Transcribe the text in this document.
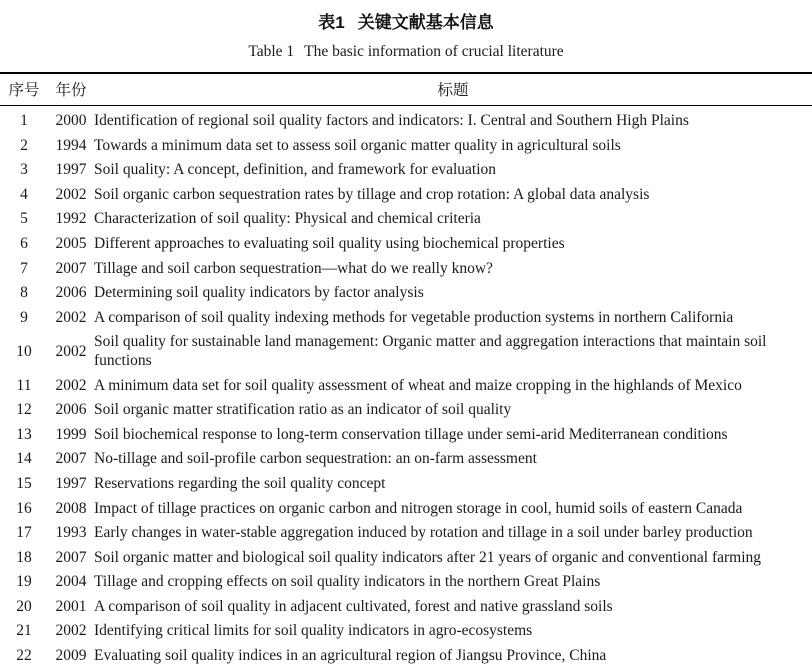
表1 关键文献基本信息
Table 1 The basic information of crucial literature
序号	年份	标题
1	2000	Identification of regional soil quality factors and indicators: I. Central and Southern High Plains
2	1994	Towards a minimum data set to assess soil organic matter quality in agricultural soils
3	1997	Soil quality: A concept, definition, and framework for evaluation
4	2002	Soil organic carbon sequestration rates by tillage and crop rotation: A global data analysis
5	1992	Characterization of soil quality: Physical and chemical criteria
6	2005	Different approaches to evaluating soil quality using biochemical properties
7	2007	Tillage and soil carbon sequestration—what do we really know?
8	2006	Determining soil quality indicators by factor analysis
9	2002	A comparison of soil quality indexing methods for vegetable production systems in northern California
10	2002	Soil quality for sustainable land management: Organic matter and aggregation interactions that maintain soil functions
11	2002	A minimum data set for soil quality assessment of wheat and maize cropping in the highlands of Mexico
12	2006	Soil organic matter stratification ratio as an indicator of soil quality
13	1999	Soil biochemical response to long-term conservation tillage under semi-arid Mediterranean conditions
14	2007	No-tillage and soil-profile carbon sequestration: an on-farm assessment
15	1997	Reservations regarding the soil quality concept
16	2008	Impact of tillage practices on organic carbon and nitrogen storage in cool, humid soils of eastern Canada
17	1993	Early changes in water-stable aggregation induced by rotation and tillage in a soil under barley production
18	2007	Soil organic matter and biological soil quality indicators after 21 years of organic and conventional farming
19	2004	Tillage and cropping effects on soil quality indicators in the northern Great Plains
20	2001	A comparison of soil quality in adjacent cultivated, forest and native grassland soils
21	2002	Identifying critical limits for soil quality indicators in agro-ecosystems
22	2009	Evaluating soil quality indices in an agricultural region of Jiangsu Province, China
